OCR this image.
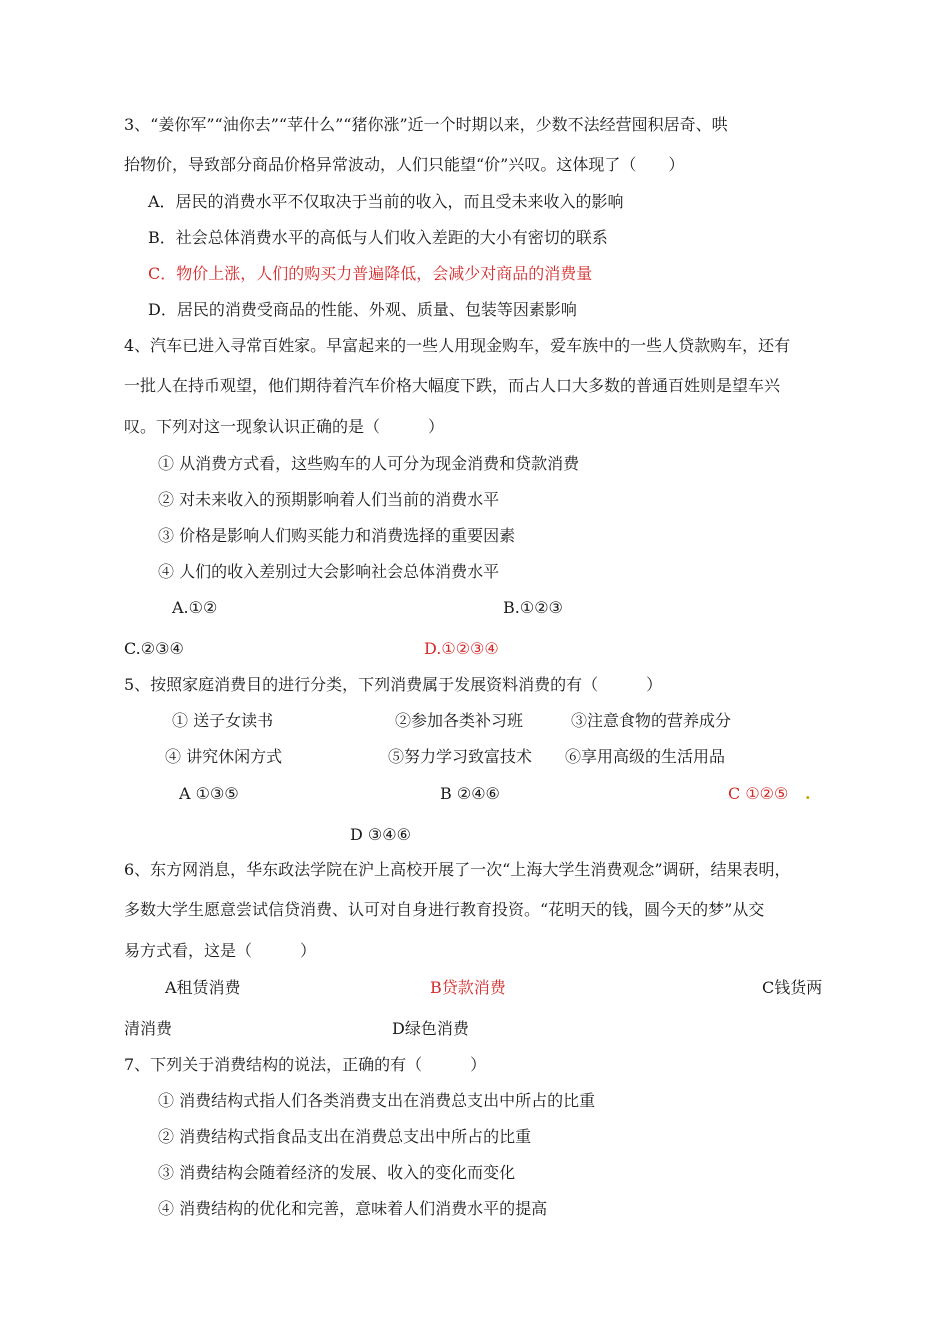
3、“姜你军”“油你去”“苹什么”“猪你涨”近一个时期以来，少数不法经营囤积居奇、哄
抬物价，导致部分商品价格异常波动，人们只能望“价”兴叹。这体现了（　　）
A．居民的消费水平不仅取决于当前的收入，而且受未来收入的影响
B．社会总体消费水平的高低与人们收入差距的大小有密切的联系
C．物价上涨，人们的购买力普遍降低，会减少对商品的消费量
D．居民的消费受商品的性能、外观、质量、包装等因素影响
4、汽车已进入寻常百姓家。早富起来的一些人用现金购车，爱车族中的一些人贷款购车，还有
一批人在持币观望，他们期待着汽车价格大幅度下跌，而占人口大多数的普通百姓则是望车兴
叹。下列对这一现象认识正确的是（　　　）
① 从消费方式看，这些购车的人可分为现金消费和贷款消费
② 对未来收入的预期影响着人们当前的消费水平
③ 价格是影响人们购买能力和消费选择的重要因素
④ 人们的收入差别过大会影响社会总体消费水平
A.①②	B.①②③
C.②③④	D.①②③④
5、按照家庭消费目的进行分类，下列消费属于发展资料消费的有（　　　）
① 送子女读书	②参加各类补习班	③注意食物的营养成分
④ 讲究休闲方式	⑤努力学习致富技术 ⑥享用高级的生活用品
A ①③⑤	B ②④⑥	C ①②⑤ .
D ③④⑥
6、东方网消息，华东政法学院在沪上高校开展了一次“上海大学生消费观念”调研，结果表明，
多数大学生愿意尝试信贷消费、认可对自身进行教育投资。“花明天的钱，圆今天的梦”从交
易方式看，这是（　　　）
A租赁消费	B贷款消费	C钱货两
清消费	D绿色消费
7、下列关于消费结构的说法，正确的有（　　　）
① 消费结构式指人们各类消费支出在消费总支出中所占的比重
② 消费结构式指食品支出在消费总支出中所占的比重
③ 消费结构会随着经济的发展、收入的变化而变化
④ 消费结构的优化和完善，意味着人们消费水平的提高
